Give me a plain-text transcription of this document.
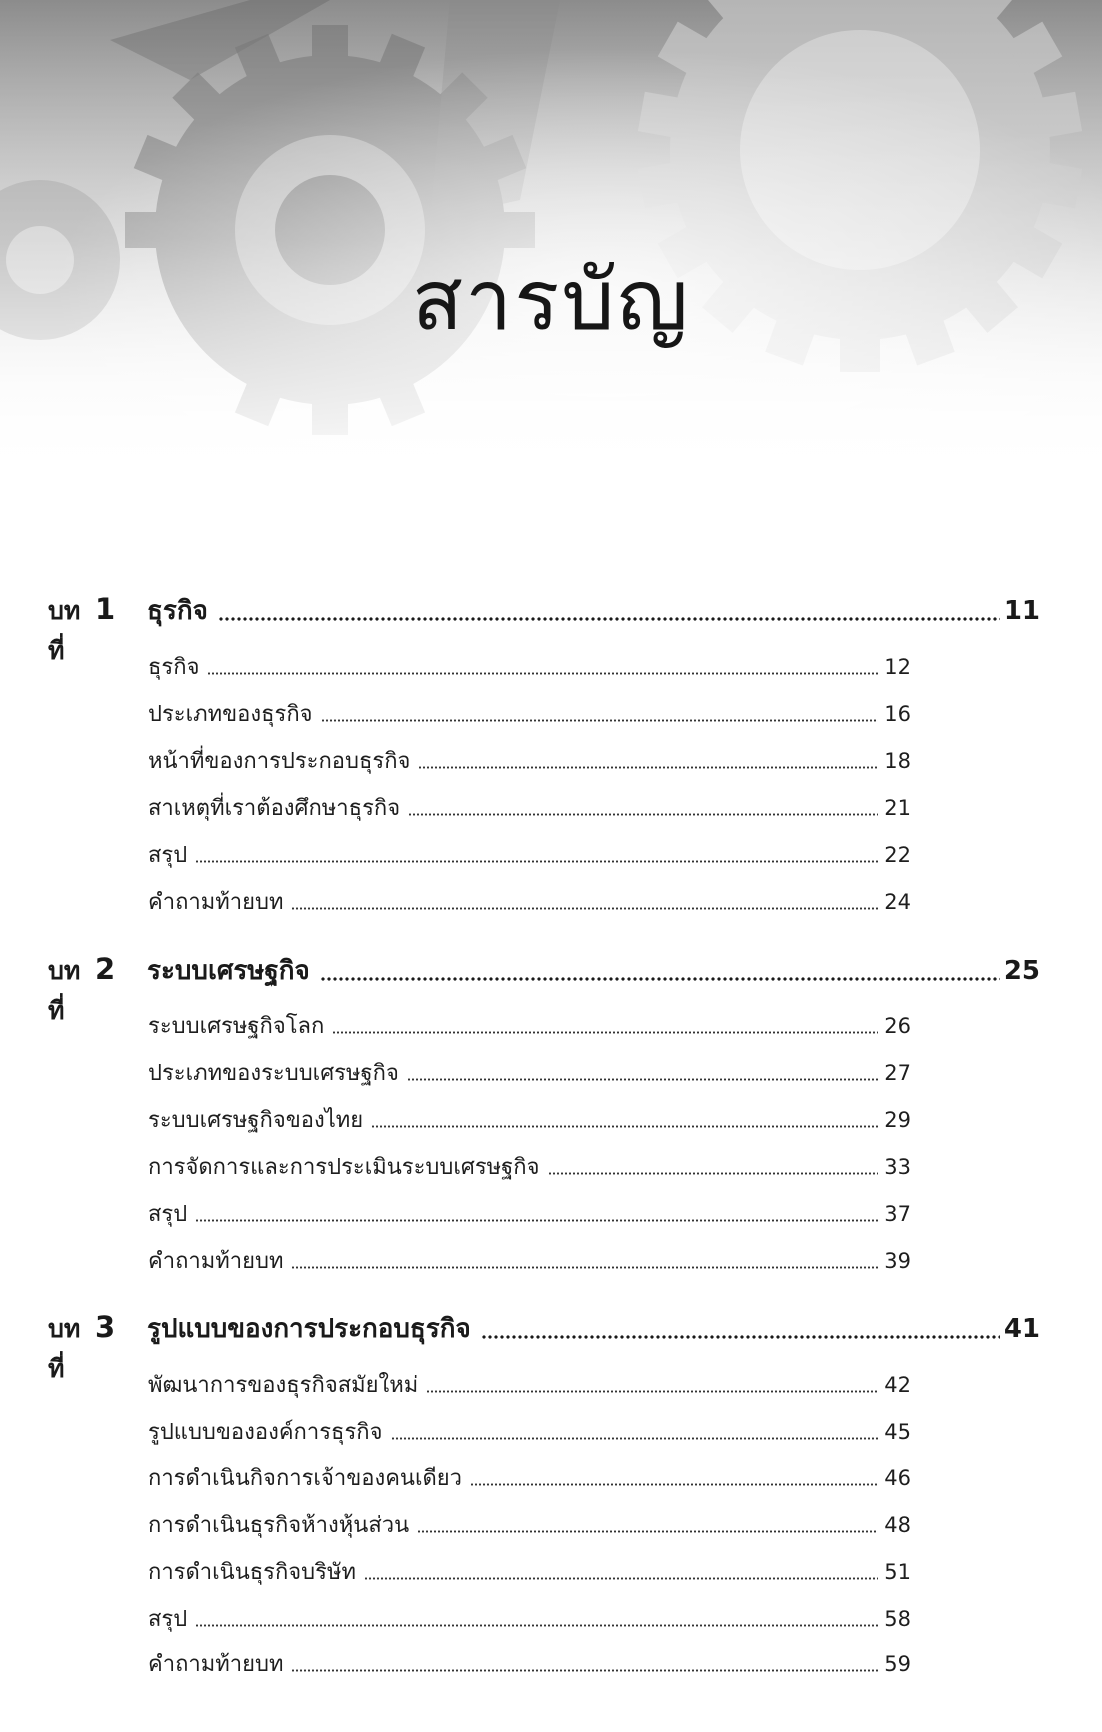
สารบัญ
บทที่
1	ธุรกิจ	11
ธุรกิจ	12
ประเภทของธุรกิจ	16
หน้าที่ของการประกอบธุรกิจ	18
สาเหตุที่เราต้องศึกษาธุรกิจ	21
สรุป	22
คำถามท้ายบท	24
บทที่
2	ระบบเศรษฐกิจ	25
ระบบเศรษฐกิจโลก	26
ประเภทของระบบเศรษฐกิจ	27
ระบบเศรษฐกิจของไทย	29
การจัดการและการประเมินระบบเศรษฐกิจ	33
สรุป	37
คำถามท้ายบท	39
บทที่
3	รูปแบบของการประกอบธุรกิจ	41
พัฒนาการของธุรกิจสมัยใหม่	42
รูปแบบขององค์การธุรกิจ	45
การดำเนินกิจการเจ้าของคนเดียว	46
การดำเนินธุรกิจห้างหุ้นส่วน	48
การดำเนินธุรกิจบริษัท	51
สรุป	58
คำถามท้ายบท	59
